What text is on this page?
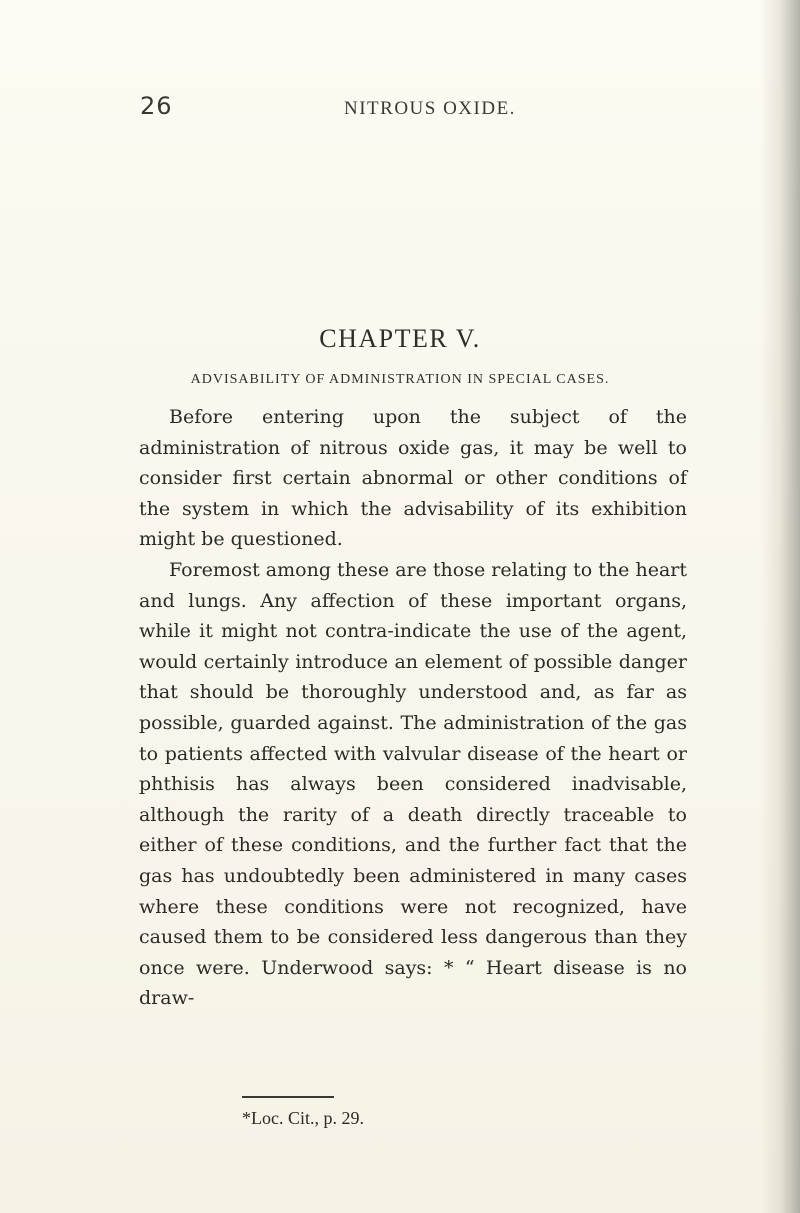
26	NITROUS OXIDE.
CHAPTER V.
ADVISABILITY OF ADMINISTRATION IN SPECIAL CASES.

Before entering upon the subject of the administration of nitrous oxide gas, it may be well to consider first certain abnormal or other conditions of the system in which the advisability of its exhibition might be questioned.

Foremost among these are those relating to the heart and lungs. Any affection of these important organs, while it might not contra-indicate the use of the agent, would certainly introduce an element of possible danger that should be thoroughly understood and, as far as possible, guarded against. The administration of the gas to patients affected with valvular disease of the heart or phthisis has always been considered inadvisable, although the rarity of a death directly traceable to either of these conditions, and the further fact that the gas has undoubtedly been administered in many cases where these conditions were not recognized, have caused them to be considered less dangerous than they once were. Underwood says: * “ Heart disease is no draw-

*Loc. Cit., p. 29.
